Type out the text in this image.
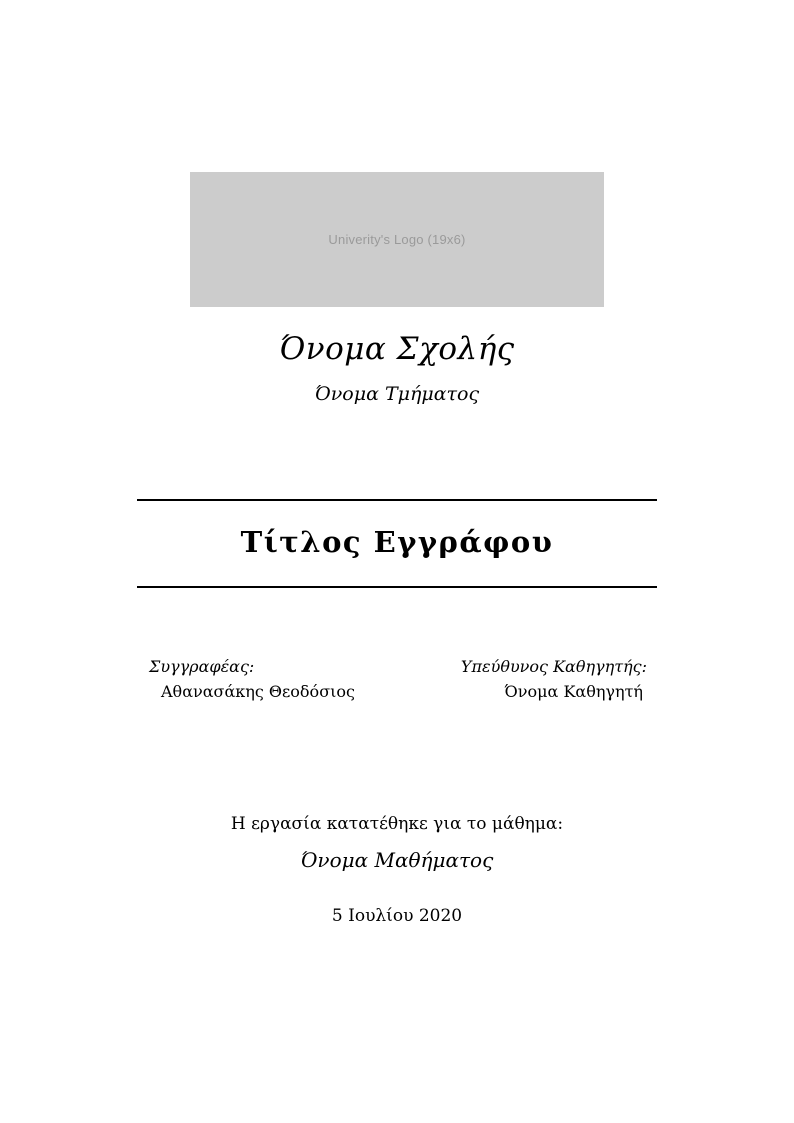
Univerity's Logo (19x6)

Όνομα Σχολής

Όνομα Τμήματος

Τίτλος Εγγράφου
Συγγραφέας:
Αθανασάκης Θεοδόσιος
Υπεύθυνος Καθηγητής:
Όνομα Καθηγητή

Η εργασία κατατέθηκε για το μάθημα:

Όνομα Μαθήματος

5 Ιουλίου 2020
